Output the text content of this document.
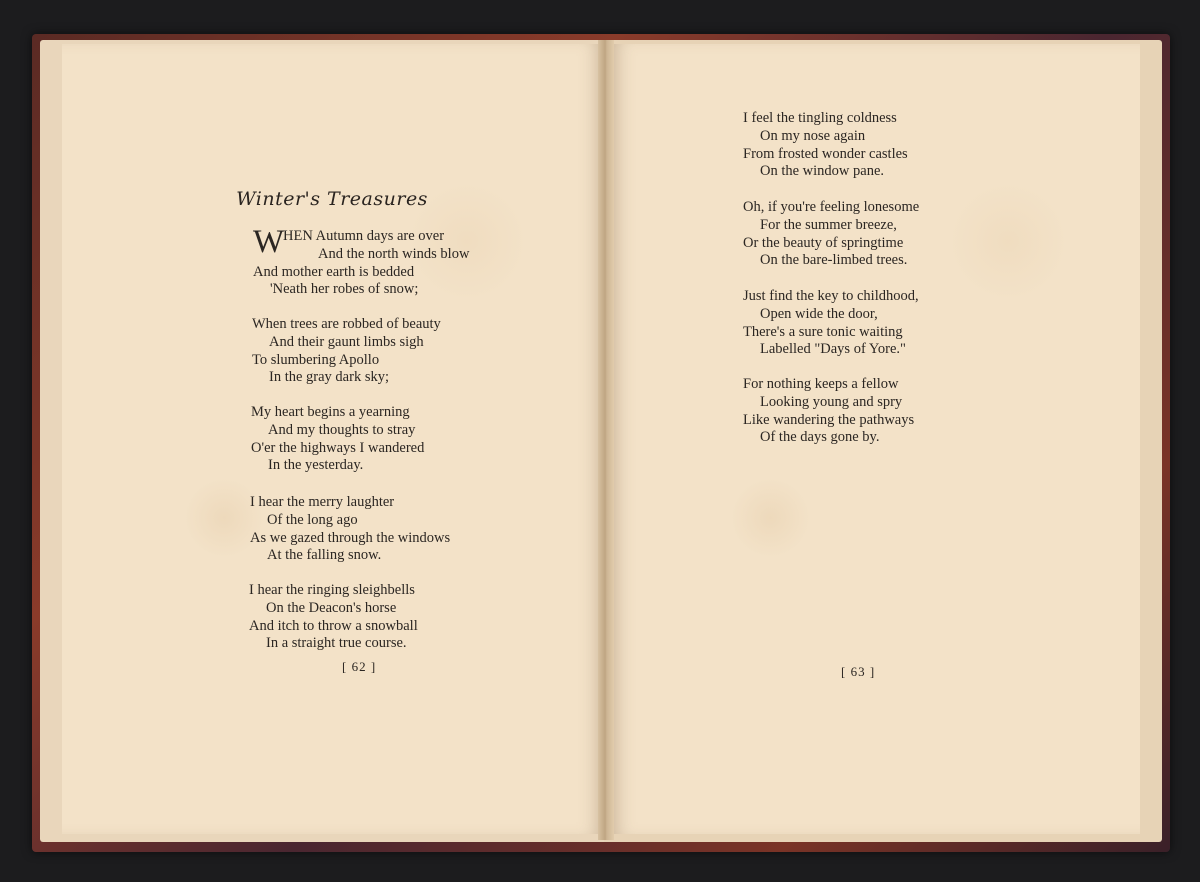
Winter's Treasures
W
HEN Autumn days are over
And the north winds blow
And mother earth is bedded
'Neath her robes of snow;
When trees are robbed of beauty
And their gaunt limbs sigh
To slumbering Apollo
In the gray dark sky;
My heart begins a yearning
And my thoughts to stray
O'er the highways I wandered
In the yesterday.
I hear the merry laughter
Of the long ago
As we gazed through the windows
At the falling snow.
I hear the ringing sleighbells
On the Deacon's horse
And itch to throw a snowball
In a straight true course.
[ 62 ]
I feel the tingling coldness
On my nose again
From frosted wonder castles
On the window pane.
Oh, if you're feeling lonesome
For the summer breeze,
Or the beauty of springtime
On the bare-limbed trees.
Just find the key to childhood,
Open wide the door,
There's a sure tonic waiting
Labelled "Days of Yore."
For nothing keeps a fellow
Looking young and spry
Like wandering the pathways
Of the days gone by.
[ 63 ]
